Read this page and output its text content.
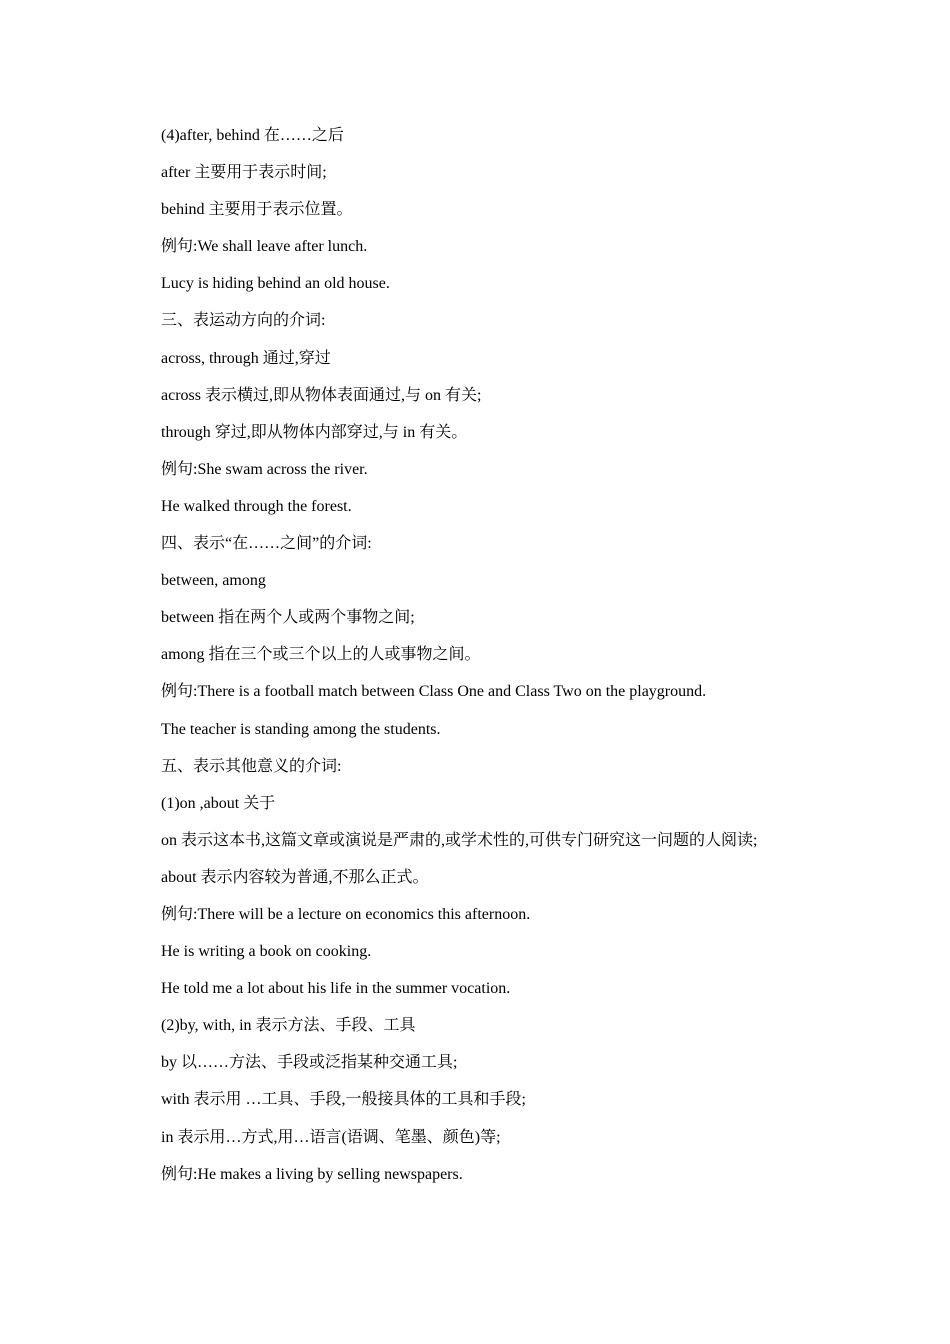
(4)after, behind 在……之后
after 主要用于表示时间;
behind 主要用于表示位置。
例句:We shall leave after lunch.
Lucy is hiding behind an old house.
三、表运动方向的介词:
across, through 通过,穿过
across 表示横过,即从物体表面通过,与 on 有关;
through 穿过,即从物体内部穿过,与 in 有关。
例句:She swam across the river.
He walked through the forest.
四、表示“在……之间”的介词:
between, among
between 指在两个人或两个事物之间;
among 指在三个或三个以上的人或事物之间。
例句:There is a football match between Class One and Class Two on the playground.
The teacher is standing among the students.
五、表示其他意义的介词:
(1)on ,about 关于
on 表示这本书,这篇文章或演说是严肃的,或学术性的,可供专门研究这一问题的人阅读;
about 表示内容较为普通,不那么正式。
例句:There will be a lecture on economics this afternoon.
He is writing a book on cooking.
He told me a lot about his life in the summer vocation.
(2)by, with, in 表示方法、手段、工具
by 以……方法、手段或泛指某种交通工具;
with 表示用 …工具、手段,一般接具体的工具和手段;
in 表示用…方式,用…语言(语调、笔墨、颜色)等;
例句:He makes a living by selling newspapers.
